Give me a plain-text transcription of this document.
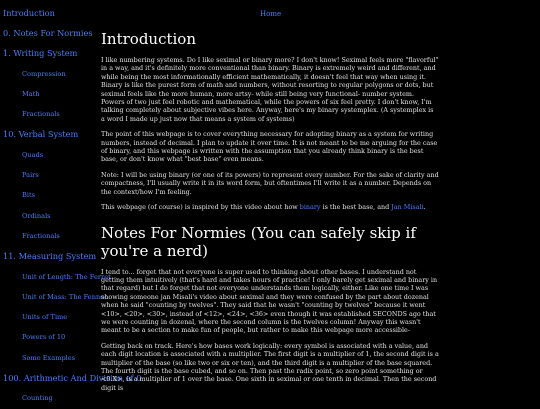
Introduction
0. Notes For Normies
1. Writing System
Compression
Math
Fractionals
10. Verbal System
Quads
Pairs
Bits
Ordinals
Fractionals
11. Measuring System
Unit of Length: The Ferret
Unit of Mass: The Fennec
Units of Time
Powers of 10
Some Examples
100. Arithmetic And Division of 0
Counting
Home
Introduction

I like numbering systems. Do I like seximal or binary more? I don't know! Seximal feels more "flavorful" in a way, and it's definitely more conventional than binary. Binary is extremely weird and different, and while being the most informationally efficient mathematically, it doesn't feel that way when using it. Binary is like the purest form of math and numbers, without resorting to regular polygons or dots, but seximal feels like the more human, more artsy- while still being very functional- number system. Powers of two just feel robotic and mathematical, while the powers of six feel pretty. I don't know, I'm talking completely about subjective vibes here. Anyway, here's my binary systemplex. (A systemplex is a word I made up just now that means a system of systems)

The point of this webpage is to cover everything necessary for adopting binary as a system for writing numbers, instead of decimal. I plan to update it over time. It is not meant to be me arguing for the case of binary, and this webpage is written with the assumption that you already think binary is the best base, or don't know what "best base" even means.

Note: I will be using binary (or one of its powers) to represent every number. For the sake of clarity and compactness, I'll usually write it in its word form, but oftentimes I'll write it as a number. Depends on the context/how I'm feeling.

This webpage (of course) is inspired by this video about how binary is the best base, and Jan Misali.

Notes For Normies (You can safely skip if you're a nerd)

I tend to... forget that not everyone is super used to thinking about other bases. I understand not getting them intuitively (that's hard and takes hours of practice! I only barely get seximal and binary in that regard) but I do forget that not everyone understands them logically, either. Like one time I was showing someone jan Misali's video about seximal and they were confused by the part about dozenal when he said "counting by twelves". They said that he wasn't "counting by twelves" because it went <10>, <20>, <30>, instead of <12>, <24>, <36> even though it was established SECONDS ago that we were counting in dozenal, where the second column is the twelves column! Anyway this wasn't meant to be a section to make fun of people, but rather to make this webpage more accessible-

Getting back on track. Here's how bases work logically: every symbol is associated with a value, and each digit location is associated with a multiplier. The first digit is a multiplier of 1, the second digit is a multiplier of the base (so like two or six or ten), and the third digit is a multiplier of the base squared. The fourth digit is the base cubed, and so on. Then past the radix point, so zero point something or <0.X>, is a multiplier of 1 over the base. One sixth in seximal or one tenth in decimal. Then the second digit is
